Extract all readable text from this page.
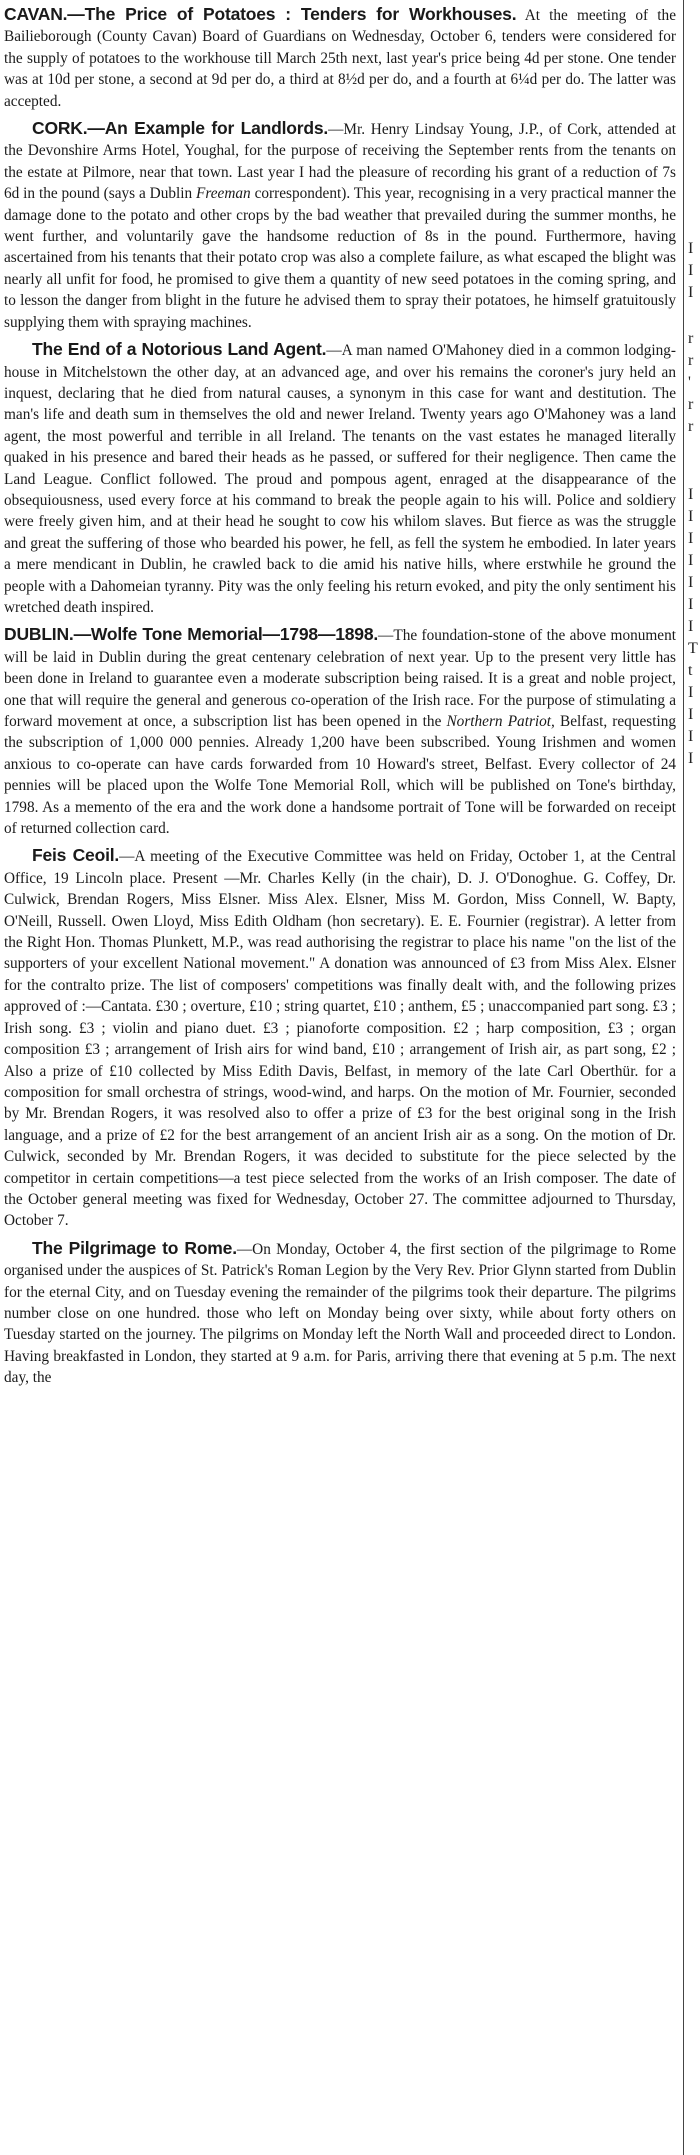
CAVAN.—The Price of Potatoes : Tenders for Workhouses. At the meeting of the Bailieborough (County Cavan) Board of Guardians on Wednesday, October 6, tenders were considered for the supply of potatoes to the workhouse till March 25th next, last year's price being 4d per stone. One tender was at 10d per stone, a second at 9d per do, a third at 8½d per do, and a fourth at 6¼d per do. The latter was accepted.

CORK.—An Example for Landlords.—Mr. Henry Lindsay Young, J.P., of Cork, attended at the Devonshire Arms Hotel, Youghal, for the purpose of receiving the September rents from the tenants on the estate at Pilmore, near that town. Last year I had the pleasure of recording his grant of a reduction of 7s 6d in the pound (says a Dublin Freeman correspondent). This year, recognising in a very practical manner the damage done to the potato and other crops by the bad weather that prevailed during the summer months, he went further, and voluntarily gave the handsome reduction of 8s in the pound. Furthermore, having ascertained from his tenants that their potato crop was also a complete failure, as what escaped the blight was nearly all unfit for food, he promised to give them a quantity of new seed potatoes in the coming spring, and to lesson the danger from blight in the future he advised them to spray their potatoes, he himself gratuitously supplying them with spraying machines.

The End of a Notorious Land Agent.—A man named O'Mahoney died in a common lodging-house in Mitchelstown the other day, at an advanced age, and over his remains the coroner's jury held an inquest, declaring that he died from natural causes, a synonym in this case for want and destitution. The man's life and death sum in themselves the old and newer Ireland. Twenty years ago O'Mahoney was a land agent, the most powerful and terrible in all Ireland. The tenants on the vast estates he managed literally quaked in his presence and bared their heads as he passed, or suffered for their negligence. Then came the Land League. Conflict followed. The proud and pompous agent, enraged at the disappearance of the obsequiousness, used every force at his command to break the people again to his will. Police and soldiery were freely given him, and at their head he sought to cow his whilom slaves. But fierce as was the struggle and great the suffering of those who bearded his power, he fell, as fell the system he embodied. In later years a mere mendicant in Dublin, he crawled back to die amid his native hills, where erstwhile he ground the people with a Dahomeian tyranny. Pity was the only feeling his return evoked, and pity the only sentiment his wretched death inspired.

DUBLIN.—Wolfe Tone Memorial—1798—1898.—The foundation-stone of the above monument will be laid in Dublin during the great centenary celebration of next year. Up to the present very little has been done in Ireland to guarantee even a moderate subscription being raised. It is a great and noble project, one that will require the general and generous co-operation of the Irish race. For the purpose of stimulating a forward movement at once, a subscription list has been opened in the Northern Patriot, Belfast, requesting the subscription of 1,000 000 pennies. Already 1,200 have been subscribed. Young Irishmen and women anxious to co-operate can have cards forwarded from 10 Howard's street, Belfast. Every collector of 24 pennies will be placed upon the Wolfe Tone Memorial Roll, which will be published on Tone's birthday, 1798. As a memento of the era and the work done a handsome portrait of Tone will be forwarded on receipt of returned collection card.

Feis Ceoil.—A meeting of the Executive Committee was held on Friday, October 1, at the Central Office, 19 Lincoln place. Present —Mr. Charles Kelly (in the chair), D. J. O'Donoghue. G. Coffey, Dr. Culwick, Brendan Rogers, Miss Elsner. Miss Alex. Elsner, Miss M. Gordon, Miss Connell, W. Bapty, O'Neill, Russell. Owen Lloyd, Miss Edith Oldham (hon secretary). E. E. Fournier (registrar). A letter from the Right Hon. Thomas Plunkett, M.P., was read authorising the registrar to place his name "on the list of the supporters of your excellent National movement." A donation was announced of £3 from Miss Alex. Elsner for the contralto prize. The list of composers' competitions was finally dealt with, and the following prizes approved of :—Cantata. £30 ; overture, £10 ; string quartet, £10 ; anthem, £5 ; unaccompanied part song. £3 ; Irish song. £3 ; violin and piano duet. £3 ; pianoforte composition. £2 ; harp composition, £3 ; organ composition £3 ; arrangement of Irish airs for wind band, £10 ; arrangement of Irish air, as part song, £2 ; Also a prize of £10 collected by Miss Edith Davis, Belfast, in memory of the late Carl Oberthür. for a composition for small orchestra of strings, wood-wind, and harps. On the motion of Mr. Fournier, seconded by Mr. Brendan Rogers, it was resolved also to offer a prize of £3 for the best original song in the Irish language, and a prize of £2 for the best arrangement of an ancient Irish air as a song. On the motion of Dr. Culwick, seconded by Mr. Brendan Rogers, it was decided to substitute for the piece selected by the competitor in certain competitions—a test piece selected from the works of an Irish composer. The date of the October general meeting was fixed for Wednesday, October 27. The committee adjourned to Thursday, October 7.

The Pilgrimage to Rome.—On Monday, October 4, the first section of the pilgrimage to Rome organised under the auspices of St. Patrick's Roman Legion by the Very Rev. Prior Glynn started from Dublin for the eternal City, and on Tuesday evening the remainder of the pilgrims took their departure. The pilgrims number close on one hundred. those who left on Monday being over sixty, while about forty others on Tuesday started on the journey. The pilgrims on Monday left the North Wall and proceeded direct to London. Having breakfasted in London, they started at 9 a.m. for Paris, arriving there that evening at 5 p.m. The next day, the

I
I
I
r
r
'
r
r
I
I
I
I
I
I
I
T
t
I
I
I
I
